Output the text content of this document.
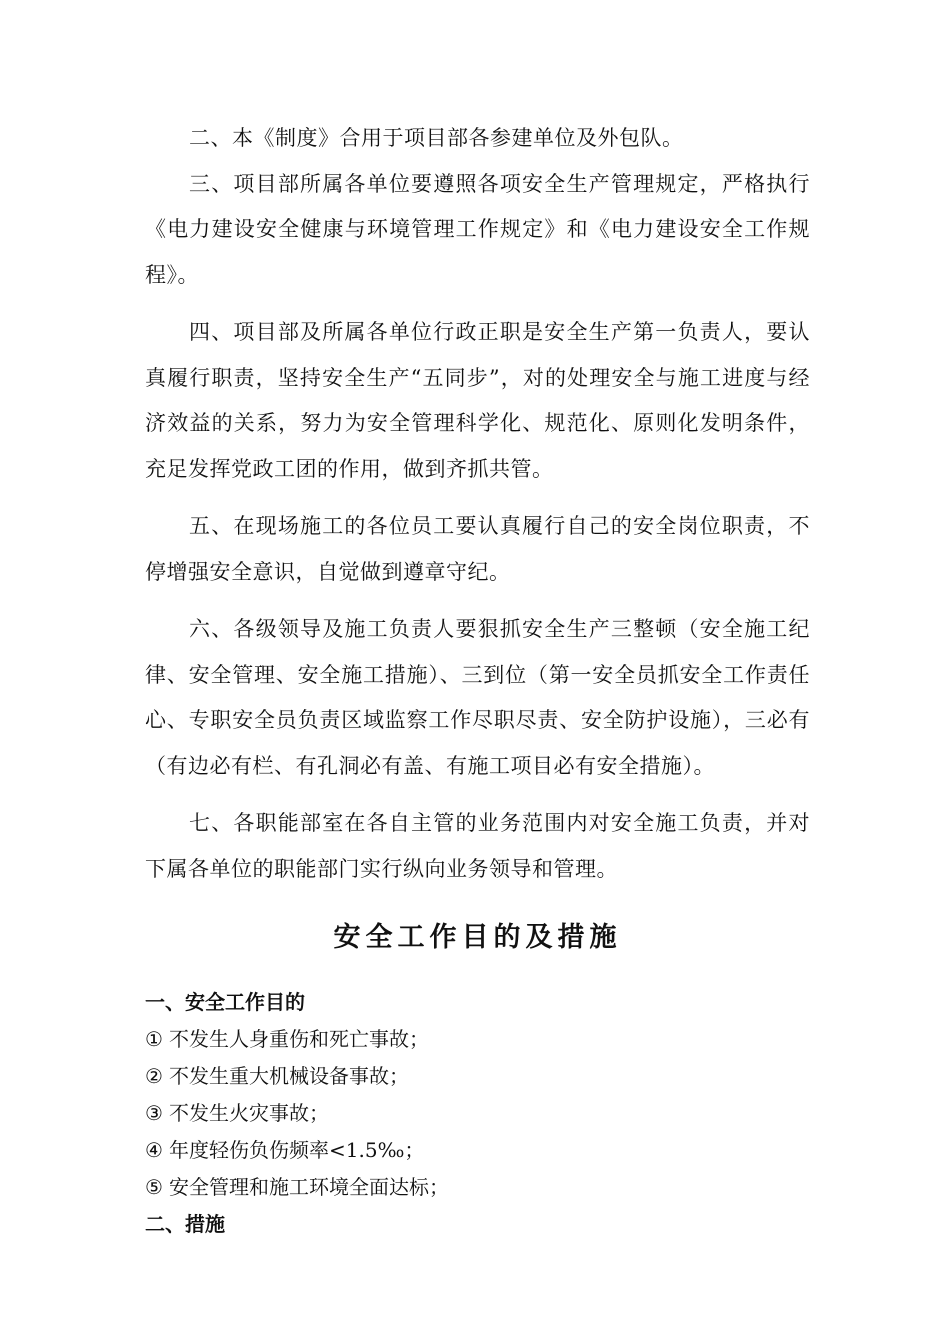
二、本《制度》合用于项目部各参建单位及外包队。

三、项目部所属各单位要遵照各项安全生产管理规定，严格执行《电力建设安全健康与环境管理工作规定》和《电力建设安全工作规程》。

四、项目部及所属各单位行政正职是安全生产第一负责人，要认真履行职责，坚持安全生产“五同步”，对的处理安全与施工进度与经济效益的关系，努力为安全管理科学化、规范化、原则化发明条件，充足发挥党政工团的作用，做到齐抓共管。

五、在现场施工的各位员工要认真履行自己的安全岗位职责，不停增强安全意识，自觉做到遵章守纪。

六、各级领导及施工负责人要狠抓安全生产三整顿（安全施工纪律、安全管理、安全施工措施）、三到位（第一安全员抓安全工作责任心、专职安全员负责区域监察工作尽职尽责、安全防护设施），三必有（有边必有栏、有孔洞必有盖、有施工项目必有安全措施）。

七、各职能部室在各自主管的业务范围内对安全施工负责，并对下属各单位的职能部门实行纵向业务领导和管理。

安全工作目的及措施
一、安全工作目的
① 不发生人身重伤和死亡事故；
② 不发生重大机械设备事故；
③ 不发生火灾事故；
④ 年度轻伤负伤频率<1.5‰；
⑤ 安全管理和施工环境全面达标；
二、措施
